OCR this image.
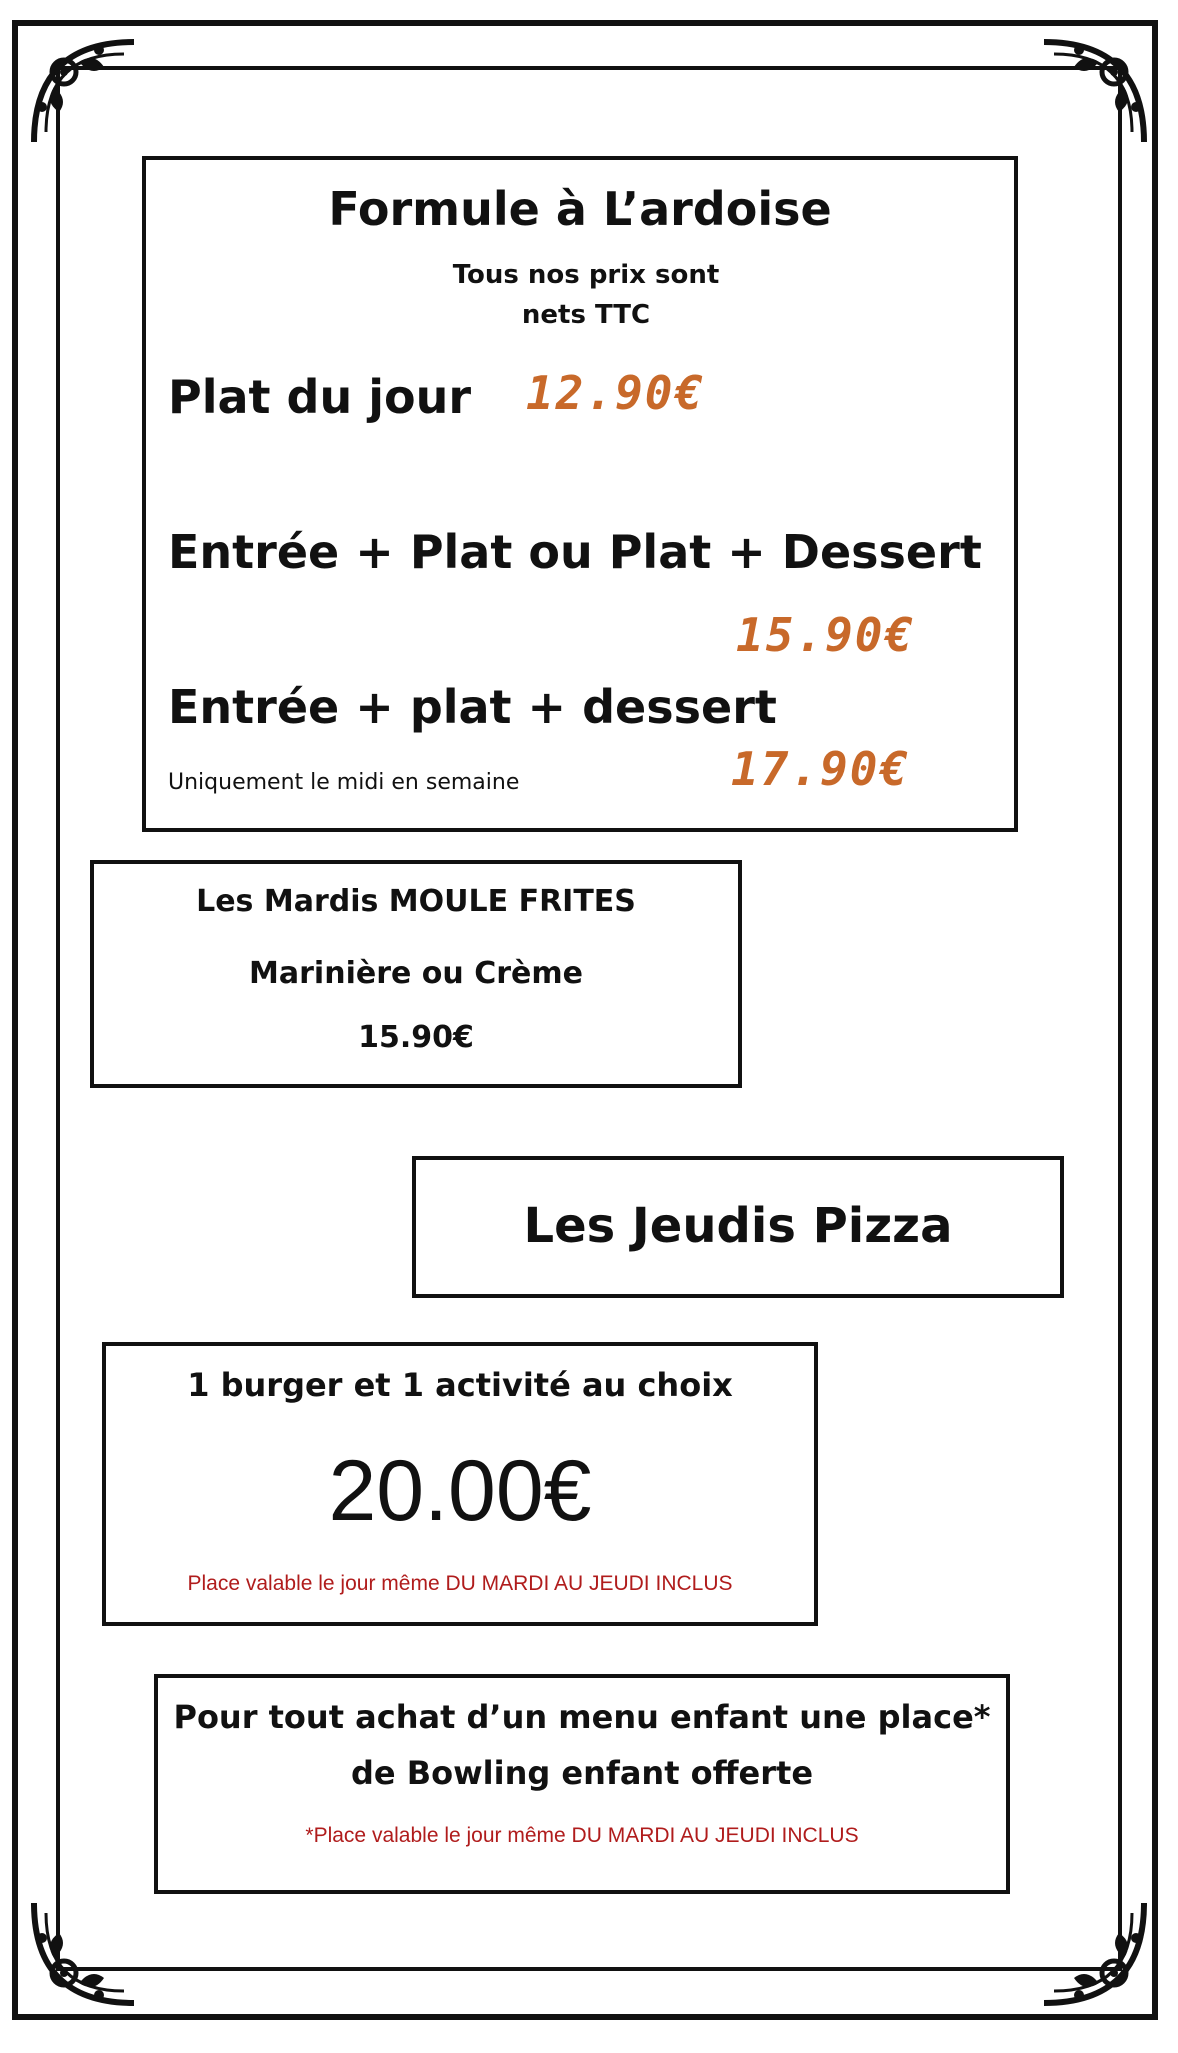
Formule à L’ardoise
Tous nos prix sont
nets TTC
Plat du jour 12.90€
Entrée + Plat ou Plat + Dessert
15.90€
Entrée + plat + dessert
17.90€
Uniquement le midi en semaine
Les Mardis MOULE FRITES
Marinière ou Crème
15.90€
Les Jeudis Pizza
1 burger et 1 activité au choix
20.00€
Place valable le jour même DU MARDI AU JEUDI INCLUS
Pour tout achat d’un menu enfant une place*
de Bowling enfant offerte
*Place valable le jour même DU MARDI AU JEUDI INCLUS
